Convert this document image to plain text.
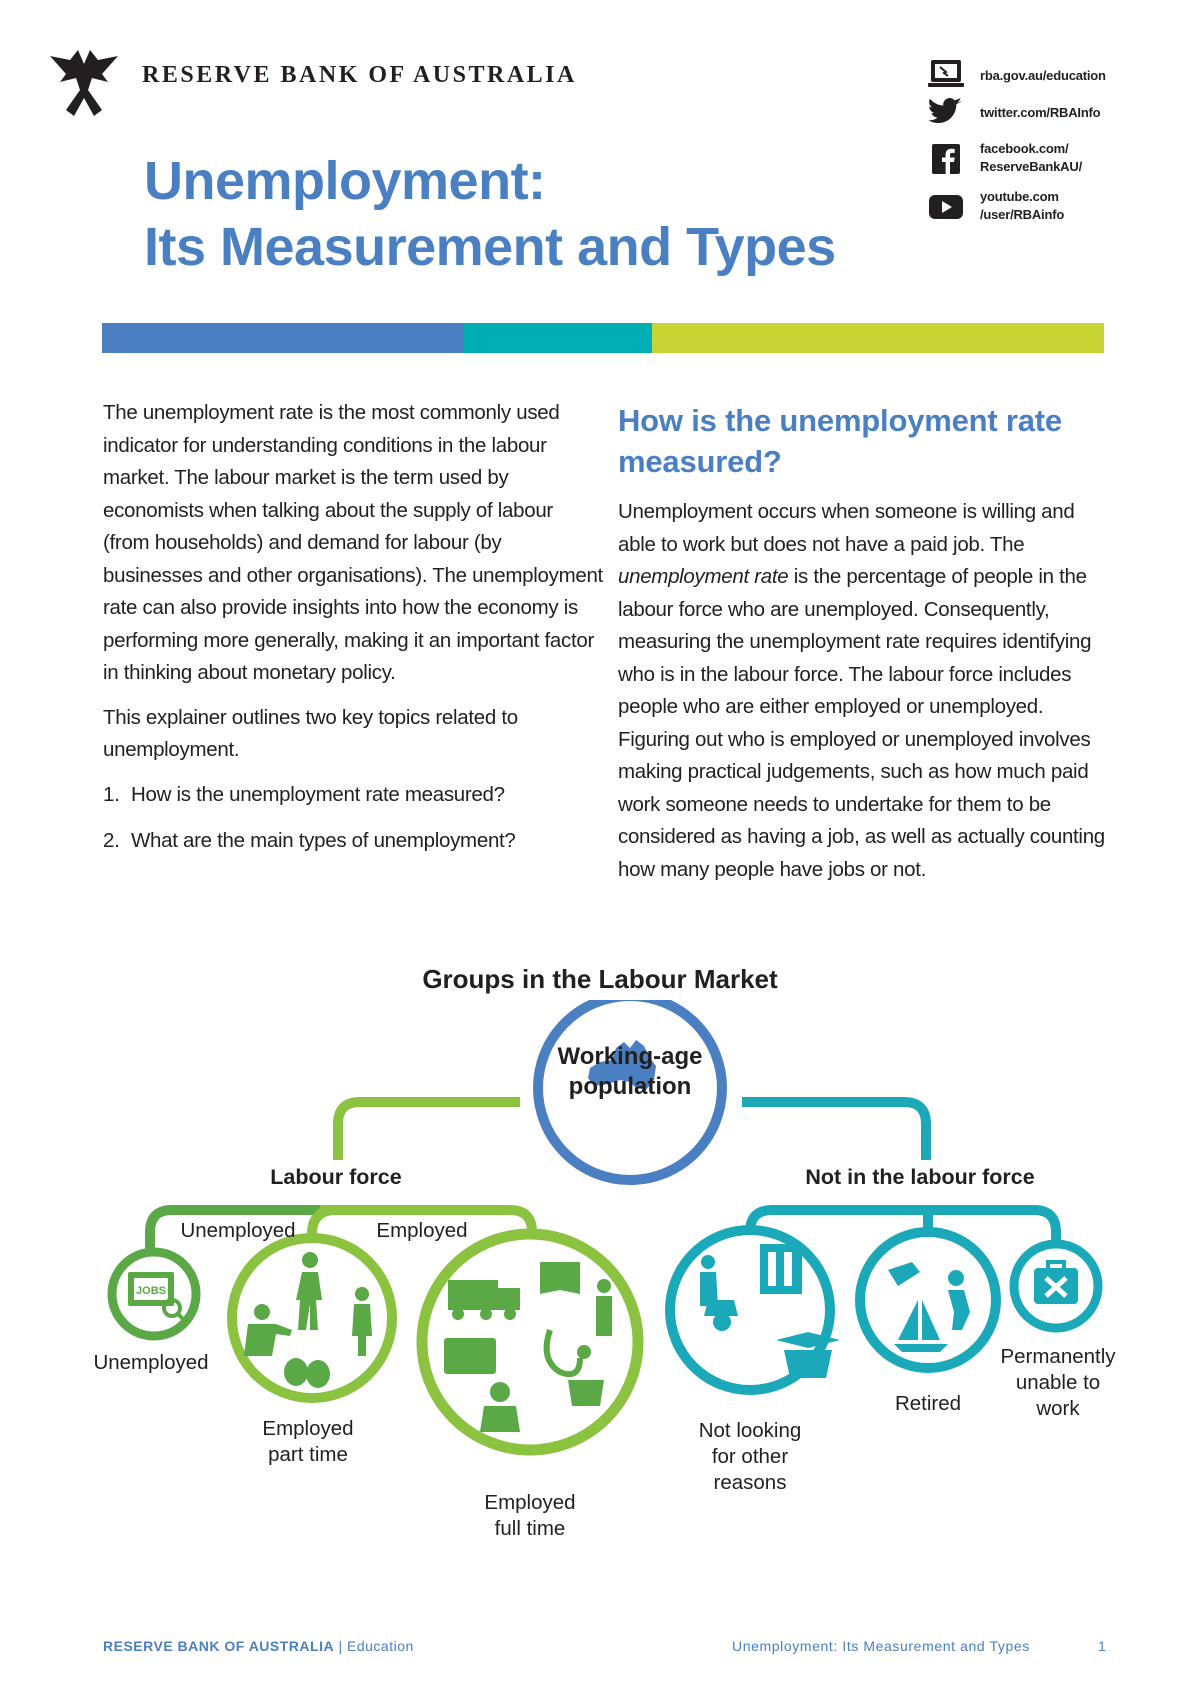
RESERVE BANK OF AUSTRALIA
Unemployment:
Its Measurement and Types
rba.gov.au/education
twitter.com/RBAInfo
facebook.com/
ReserveBankAU/
youtube.com
/user/RBAinfo

The unemployment rate is the most commonly used indicator for understanding conditions in the labour market. The labour market is the term used by economists when talking about the supply of labour (from households) and demand for labour (by businesses and other organisations). The unemployment rate can also provide insights into how the economy is performing more generally, making it an important factor in thinking about monetary policy.

This explainer outlines two key topics related to unemployment.

1. How is the unemployment rate measured?
2. What are the main types of unemployment?
How is the unemployment rate measured?

Unemployment occurs when someone is willing and able to work but does not have a paid job. The unemployment rate is the percentage of people in the labour force who are unemployed. Consequently, measuring the unemployment rate requires identifying who is in the labour force. The labour force includes people who are either employed or unemployed. Figuring out who is employed or unemployed involves making practical judgements, such as how much paid work someone needs to undertake for them to be considered as having a job, as well as actually counting how many people have jobs or not.

Groups in the Labour Market
JOBS
Working-age
population
Labour force	Not in the labour force
Unemployed	Employed
Unemployed
Employed
part time
Employed
full time
Not looking
for other
reasons
Retired
Permanently
unable to
work
RESERVE BANK OF AUSTRALIA | Education	Unemployment: Its Measurement and Types	1
